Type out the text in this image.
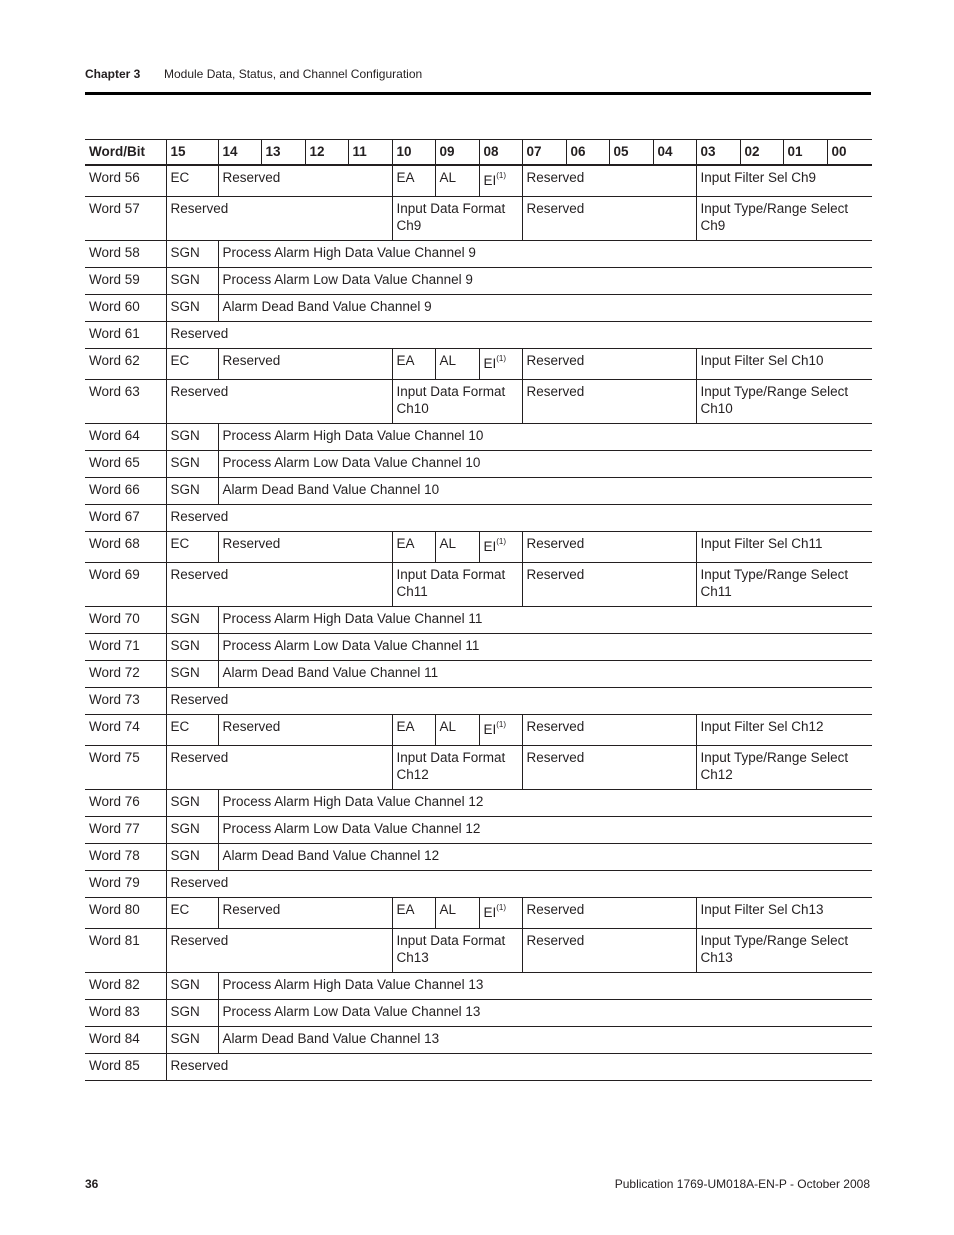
Chapter 3 Module Data, Status, and Channel Configuration
Word/Bit	15	14	13	12	11	10	09	08	07	06	05	04	03	02	01	00
Word 56	EC	Reserved				EA	AL	EI$^{(1)}$	Reserved				Input Filter Sel Ch9			
Word 57	Reserved					Input Data Format Ch9			Reserved				Input Type/Range Select Ch9			
Word 58	SGN	Process Alarm High Data Value Channel 9														
Word 59	SGN	Process Alarm Low Data Value Channel 9														
Word 60	SGN	Alarm Dead Band Value Channel 9														
Word 61	Reserved															
Word 62	EC	Reserved				EA	AL	EI$^{(1)}$	Reserved				Input Filter Sel Ch10			
Word 63	Reserved					Input Data Format Ch10			Reserved				Input Type/Range Select Ch10			
Word 64	SGN	Process Alarm High Data Value Channel 10														
Word 65	SGN	Process Alarm Low Data Value Channel 10														
Word 66	SGN	Alarm Dead Band Value Channel 10														
Word 67	Reserved															
Word 68	EC	Reserved				EA	AL	EI$^{(1)}$	Reserved				Input Filter Sel Ch11			
Word 69	Reserved					Input Data Format Ch11			Reserved				Input Type/Range Select Ch11			
Word 70	SGN	Process Alarm High Data Value Channel 11														
Word 71	SGN	Process Alarm Low Data Value Channel 11														
Word 72	SGN	Alarm Dead Band Value Channel 11														
Word 73	Reserved															
Word 74	EC	Reserved				EA	AL	EI$^{(1)}$	Reserved				Input Filter Sel Ch12			
Word 75	Reserved					Input Data Format Ch12			Reserved				Input Type/Range Select Ch12			
Word 76	SGN	Process Alarm High Data Value Channel 12														
Word 77	SGN	Process Alarm Low Data Value Channel 12														
Word 78	SGN	Alarm Dead Band Value Channel 12														
Word 79	Reserved															
Word 80	EC	Reserved				EA	AL	EI$^{(1)}$	Reserved				Input Filter Sel Ch13			
Word 81	Reserved					Input Data Format Ch13			Reserved				Input Type/Range Select Ch13			
Word 82	SGN	Process Alarm High Data Value Channel 13														
Word 83	SGN	Process Alarm Low Data Value Channel 13														
Word 84	SGN	Alarm Dead Band Value Channel 13														
Word 85	Reserved															
36	Publication 1769-UM018A-EN-P - October 2008
